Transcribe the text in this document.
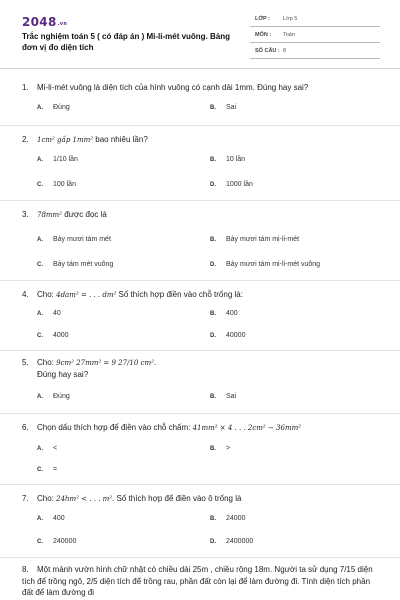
$2048^{.vn}$
Trắc nghiệm toán 5 ( có đáp án ) Mi-li-mét vuông. Bảng đơn vị đo diện tích
LỚP : Lớp 5
MÔN : Toán
SỐ CÂU : 8
1. Mi-li-mét vuông là diện tích của hình vuông có cạnh dài 1mm. Đúng hay sai?
A. Đúng	B. Sai
2. 1cm² gấp 1mm² bao nhiêu lần?
A. 1/10 lần	B. 10 lần
C. 100 lần	D. 1000 lần
3. 78mm² được đọc là
A. Bảy mươi tám mét	B. Bảy mươi tám mi-li-mét
C. Bảy tám mét vuông	D. Bảy mươi tám mi-li-mét vuông
4. Cho: 4dam² = . . . dm² Số thích hợp điền vào chỗ trống là:
A. 40	B. 400
C. 4000	D. 40000
5. Cho: 9cm² 27mm² = 9 27/10 cm².
Đúng hay sai?
A. Đúng	B. Sai
6. Chọn dấu thích hợp để điền vào chỗ chấm: 41mm² × 4 . . . 2cm² − 36mm²
A. <	B. >
C. =
7. Cho: 24hm² < . . . m². Số thích hợp để điền vào ô trống là
A. 400	B. 24000
C. 240000	D. 2400000
8. Một mảnh vườn hình chữ nhật có chiều dài 25m , chiều rộng 18m. Người ta sử dụng 7/15 diện tích để trồng ngô, 2/5 diện tích để trồng rau, phần đất còn lại để làm đường đi. Tính diện tích phần đất để làm đường đi
